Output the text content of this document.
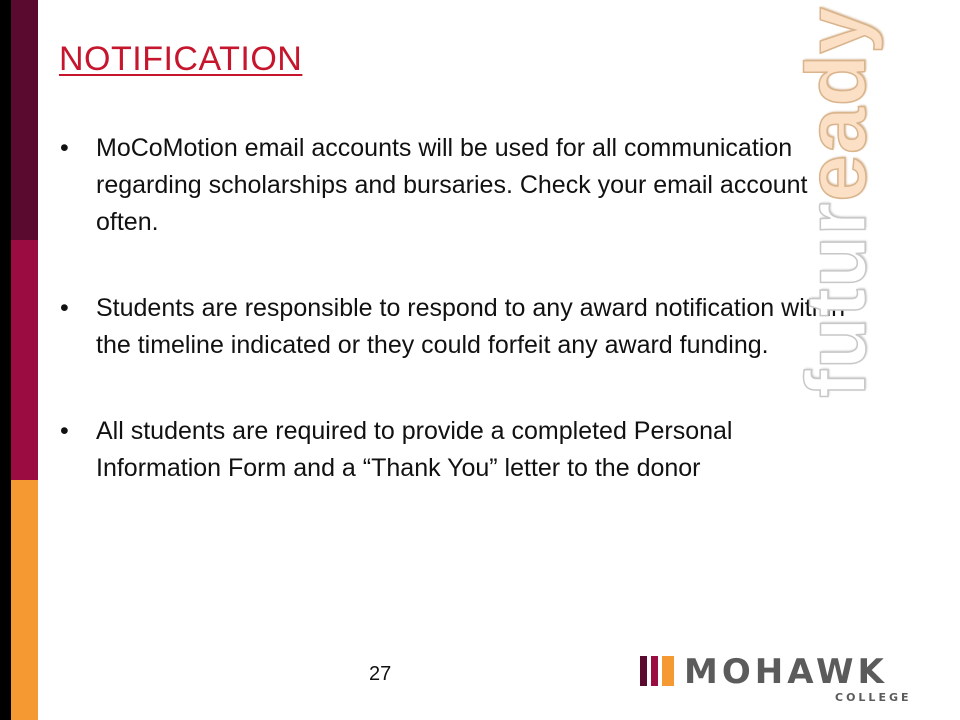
NOTIFICATION
• MoCoMotion email accounts will be used for all communication regarding scholarships and bursaries. Check your email account often.
• Students are responsible to respond to any award notification within the timeline indicated or they could forfeit any award funding.
• All students are required to provide a completed Personal Information Form and a “Thank You” letter to the donor
futuready
27	MOHAWK
COLLEGE
